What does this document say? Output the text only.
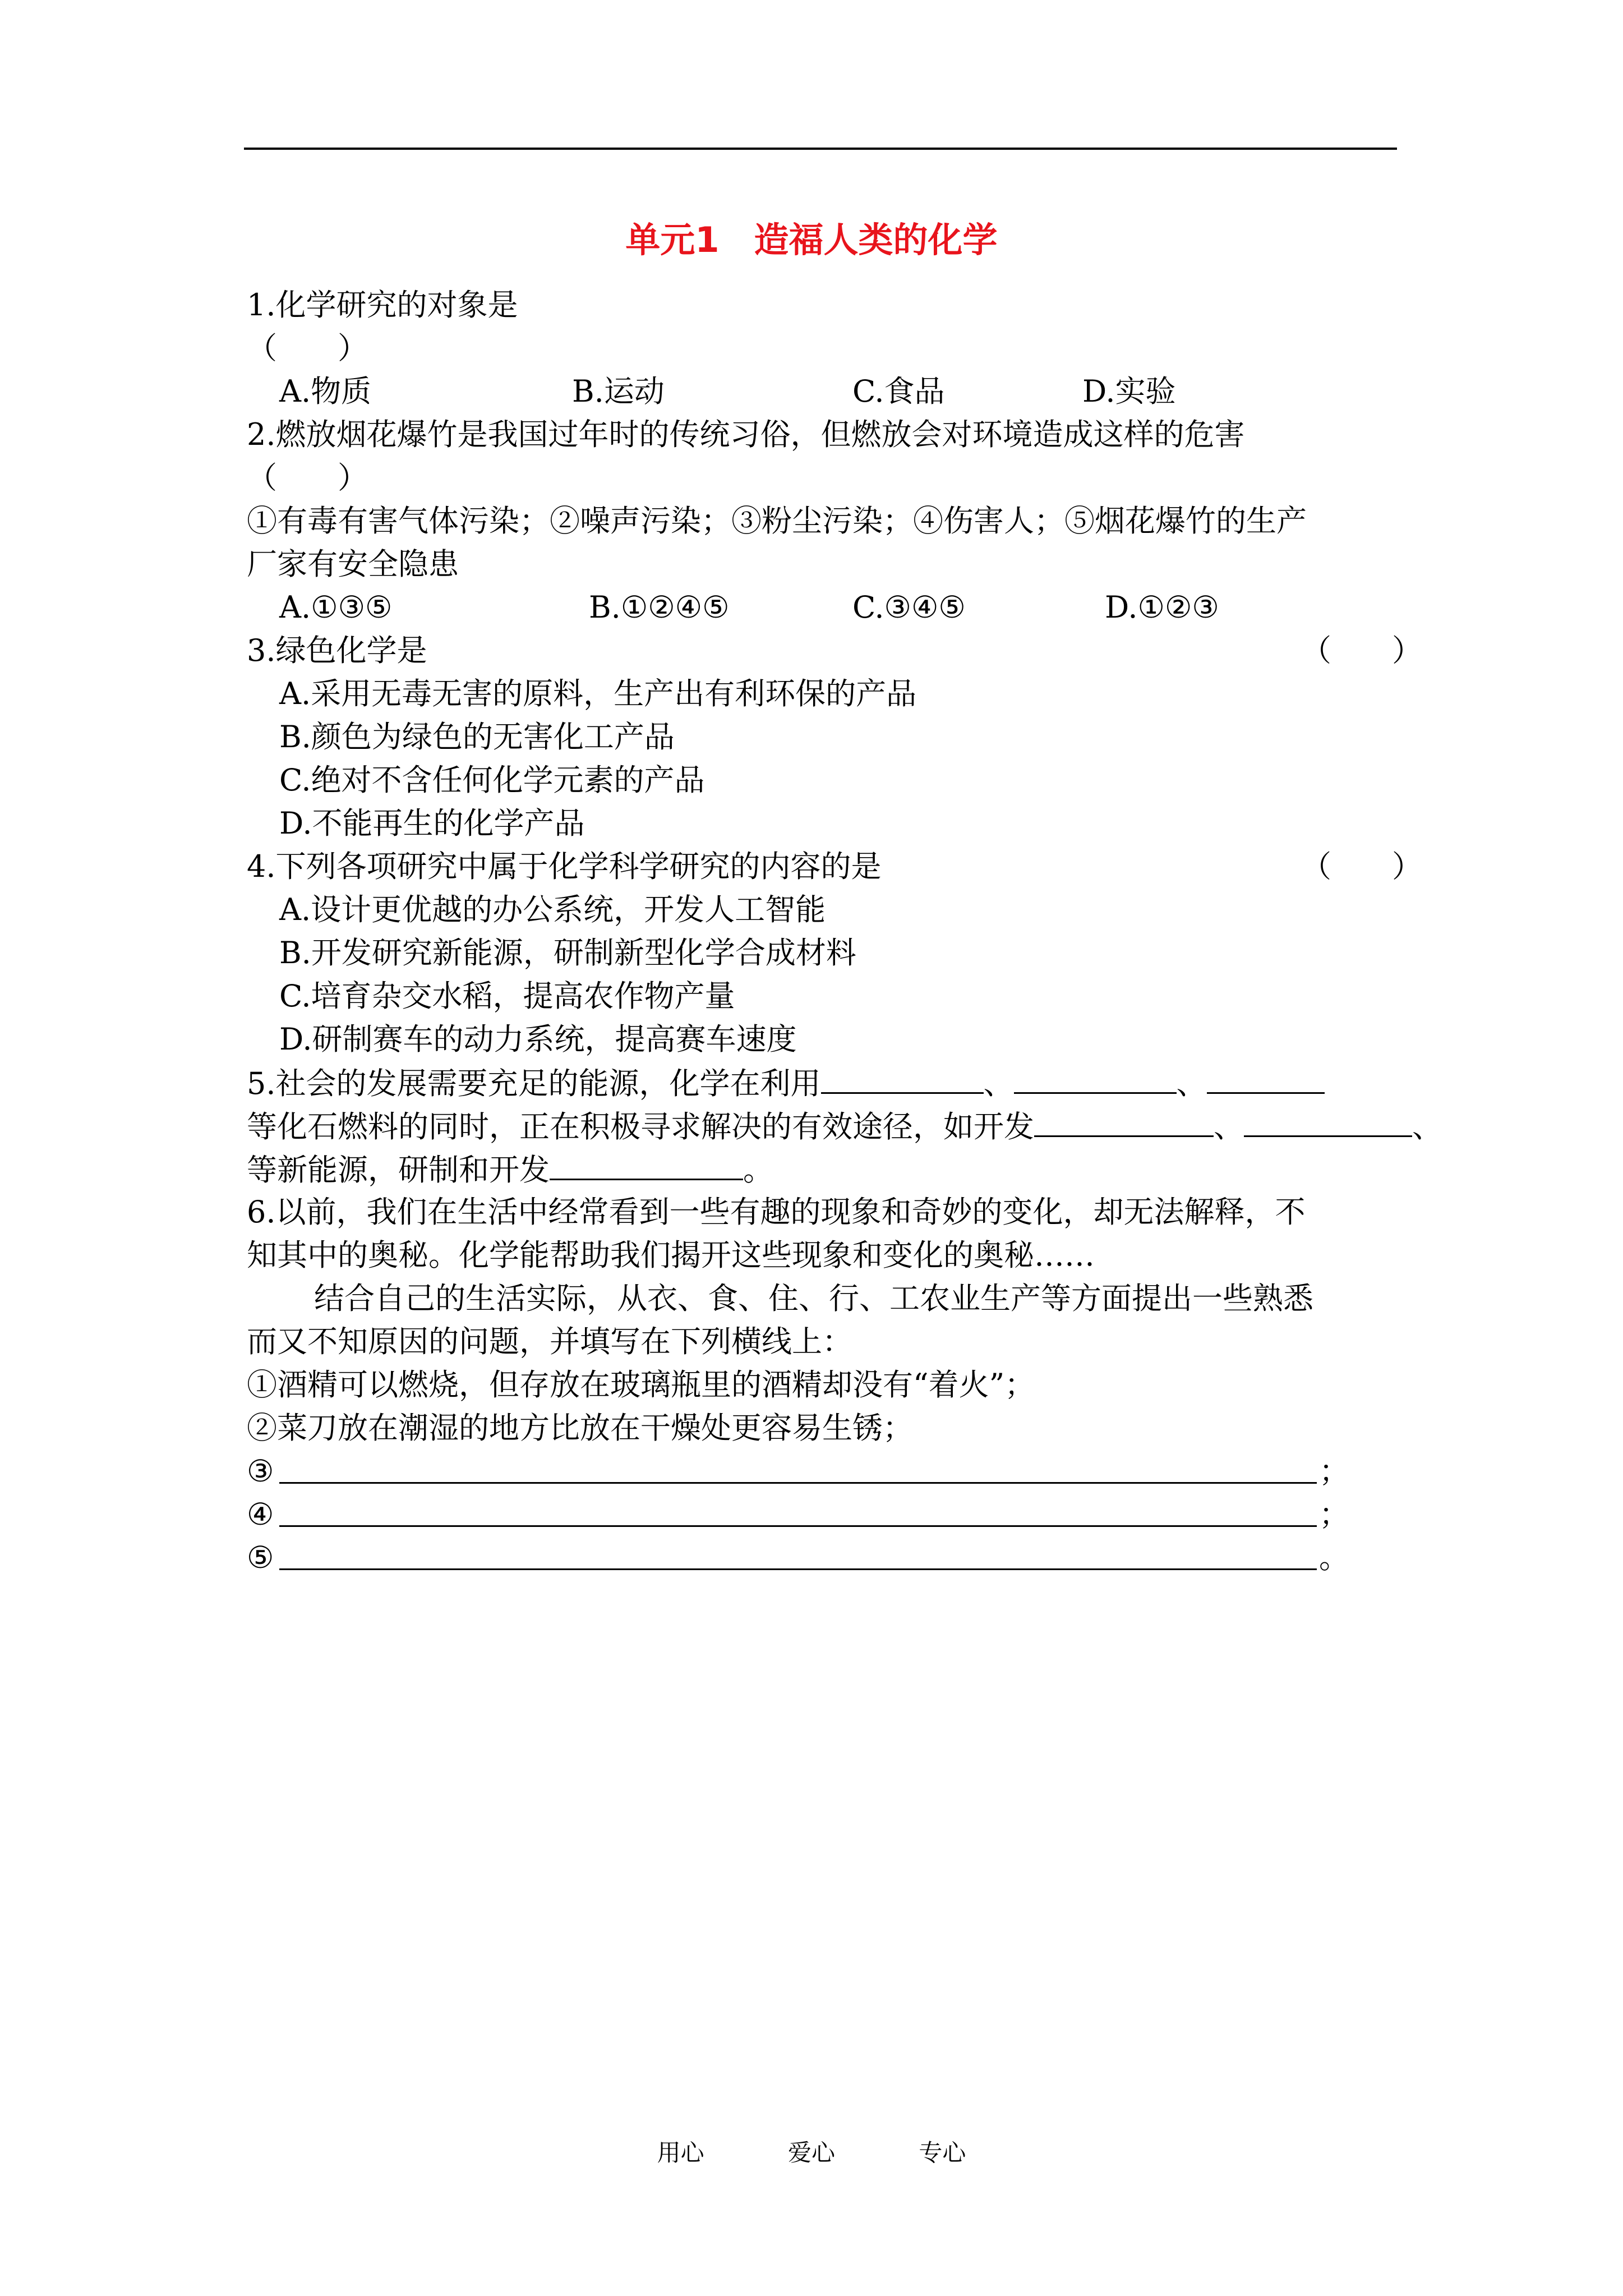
单元1　造福人类的化学
1.化学研究的对象是
（　　）
A.物质	B.运动	C.食品	D.实验
2.燃放烟花爆竹是我国过年时的传统习俗，但燃放会对环境造成这样的危害
（　　）
①有毒有害气体污染；②噪声污染；③粉尘污染；④伤害人；⑤烟花爆竹的生产
厂家有安全隐患
A.①③⑤	B.①②④⑤	C.③④⑤	D.①②③
3.绿色化学是	（　　）
A.采用无毒无害的原料，生产出有利环保的产品
B.颜色为绿色的无害化工产品
C.绝对不含任何化学元素的产品
D.不能再生的化学产品
4.下列各项研究中属于化学科学研究的内容的是	（　　）
A.设计更优越的办公系统，开发人工智能
B.开发研究新能源，研制新型化学合成材料
C.培育杂交水稻，提高农作物产量
D.研制赛车的动力系统，提高赛车速度
5.社会的发展需要充足的能源，化学在利用	、	、
等化石燃料的同时，正在积极寻求解决的有效途径，如开发	、	、
等新能源，研制和开发	。
6.以前，我们在生活中经常看到一些有趣的现象和奇妙的变化，却无法解释，不
知其中的奥秘。化学能帮助我们揭开这些现象和变化的奥秘……
结合自己的生活实际，从衣、食、住、行、工农业生产等方面提出一些熟悉
而又不知原因的问题，并填写在下列横线上：
①酒精可以燃烧，但存放在玻璃瓶里的酒精却没有“着火”；
②菜刀放在潮湿的地方比放在干燥处更容易生锈；
③	；
④	；
⑤	。
用心	爱心	专心
